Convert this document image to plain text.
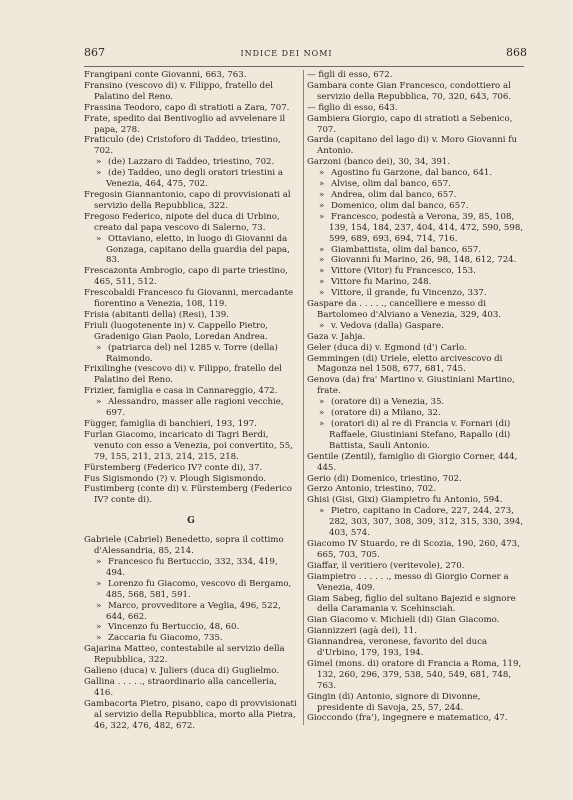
867	INDICE DEI NOMI	868
Frangipani conte Giovanni, 663, 763.
Fransino (vescovo di) v. Filippo, fratello del Palatino del Reno.
Frassina Teodoro, capo di stratioti a Zara, 707.
Frate, spedito dai Bentivoglio ad avvelenare il papa, 278.
Fraticulo (de) Cristoforo di Taddeo, triestino, 702.
» (de) Lazzaro di Taddeo, triestino, 702.
» (de) Taddeo, uno degli oratori triestini a Venezia, 464, 475, 702.
Fregosin Giannantonio, capo di provvisionati al servizio della Repubblica, 322.
Fregoso Federico, nipote del duca di Urbino, creato dal papa vescovo di Salerno, 73.
» Ottaviano, eletto, in luogo di Giovanni da Gonzaga, capitano della guardia del papa, 83.
Frescazonta Ambrogio, capo di parte triestino, 465, 511, 512.
Frescobaldi Francesco fu Giovanni, mercadante fiorentino a Venezia, 108, 119.
Frisia (abitanti della) (Resi), 139.
Friuli (luogotenente in) v. Cappello Pietro, Gradenigo Gian Paolo, Loredan Andrea.
» (patriarca del) nel 1285 v. Torre (della) Raimondo.
Frixilinghe (vescovo di) v. Filippo, fratello del Palatino del Reno.
Frizier, famiglia e casa in Cannareggio, 472.
» Alessandro, masser alle ragioni vecchie, 697.
Fùgger, famiglia di banchieri, 193, 197.
Furlan Giacomo, incaricato di Tagri Berdi, venuto con esso a Venezia, poi convertito, 55, 79, 155, 211, 213, 214, 215, 218.
Fürstemberg (Federico IV? conte di), 37.
Fus Sigismondo (?) v. Plough Sigismondo.
Fustimberg (conte di) v. Fürstemberg (Federico IV? conte di).
G
Gabriele (Cabriel) Benedetto, sopra il cottimo d'Alessandria, 85, 214.
» Francesco fu Bertuccio, 332, 334, 419, 494.
» Lorenzo fu Giacomo, vescovo di Bergamo, 485, 568, 581, 591.
» Marco, provveditore a Veglia, 496, 522, 644, 662.
» Vincenzo fu Bertuccio, 48, 60.
» Zaccaria fu Giacomo, 735.
Gajarina Matteo, contestabile al servizio della Repubblica, 322.
Galieno (duca) v. Juliers (duca di) Guglielmo.
Gallina . . . . ., straordinario alla cancelleria, 416.
Gambacorta Pietro, pisano, capo di provvisionati al servizio della Repubblica, morto alla Pietra, 46, 322, 476, 482, 672.
— figli di esso, 672.
Gambara conte Gian Francesco, condottiero al servizio della Repubblica, 70, 320, 643, 706.
— figlio di esso, 643.
Gambiera Giorgio, capo di stratioti a Sebenico, 707.
Garda (capitano del lago di) v. Moro Giovanni fu Antonio.
Garzoni (banco dei), 30, 34, 391.
» Agostino fu Garzone, dal banco, 641.
» Alvise, olim dal banco, 657.
» Andrea, olim dal banco, 657.
» Domenico, olim dal banco, 657.
» Francesco, podestà a Verona, 39, 85, 108, 139, 154, 184, 237, 404, 414, 472, 590, 598, 599, 689, 693, 694, 714, 716.
» Giambattista, olim dal banco, 657.
» Giovanni fu Marino, 26, 98, 148, 612, 724.
» Vittore (Vitor) fu Francesco, 153.
» Vittore fu Marino, 248.
» Vittore, il grande, fu Vincenzo, 337.
Gaspare da . . . . ., cancelliere e messo di Bartolomeo d'Alviano a Venezia, 329, 403.
» v. Vedova (dalla) Gaspare.
Gaza v. Jahja.
Geler (duca di) v. Egmond (d') Carlo.
Gemmingen (di) Uriele, eletto arcivescovo di Magonza nel 1508, 677, 681, 745.
Genova (da) fra' Martino v. Giustiniani Martino, frate.
» (oratore di) a Venezia, 35.
» (oratore di) a Milano, 32.
» (oratori di) al re di Francia v. Fornari (di) Raffaele, Giustiniani Stefano, Rapallo (di) Battista, Sauli Antonio.
Gentile (Zentil), famiglio di Giorgio Corner, 444, 445.
Gerio (di) Domenico, triestino, 702.
Gerzo Antonio, triestino, 702.
Ghisi (Gisi, Gixi) Giampietro fu Antonio, 594.
» Pietro, capitano in Cadore, 227, 244, 273, 282, 303, 307, 308, 309, 312, 315, 330, 394, 403, 574.
Giacomo IV Stuardo, re di Scozia, 190, 260, 473, 665, 703, 705.
Giaffar, il veritiero (veritevole), 270.
Giampietro . . . . . ., messo di Giorgio Corner a Venezia, 409.
Giam Sabeg, figlio del sultano Bajezid e signore della Caramania v. Scehinsciah.
Gian Giacomo v. Michieli (di) Gian Giacomo.
Giannizzeri (agà dei), 11.
Giannandrea, veronese, favorito del duca d'Urbino, 179, 193, 194.
Gimel (mons. di) oratore di Francia a Roma, 119, 132, 260, 296, 379, 538, 540, 549, 681, 748, 763.
Gingin (di) Antonio, signore di Divonne, presidente di Savoja, 25, 57, 244.
Gioccondo (fra'), ingegnere e matematico, 47.
